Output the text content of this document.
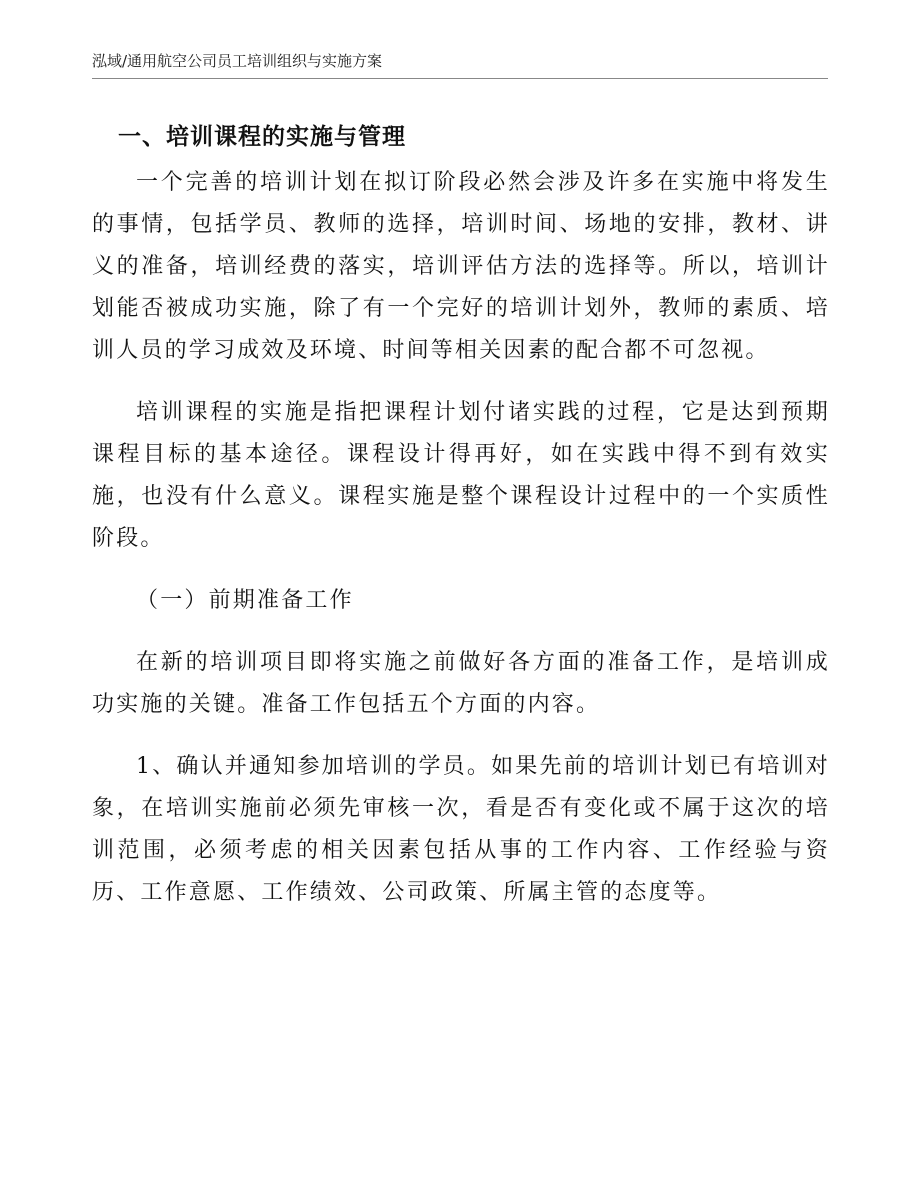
泓域/通用航空公司员工培训组织与实施方案
一、培训课程的实施与管理

一个完善的培训计划在拟订阶段必然会涉及许多在实施中将发生的事情，包括学员、教师的选择，培训时间、场地的安排，教材、讲义的准备，培训经费的落实，培训评估方法的选择等。所以，培训计划能否被成功实施，除了有一个完好的培训计划外，教师的素质、培训人员的学习成效及环境、时间等相关因素的配合都不可忽视。

培训课程的实施是指把课程计划付诸实践的过程，它是达到预期课程目标的基本途径。课程设计得再好，如在实践中得不到有效实施，也没有什么意义。课程实施是整个课程设计过程中的一个实质性阶段。

（一）前期准备工作

在新的培训项目即将实施之前做好各方面的准备工作，是培训成功实施的关键。准备工作包括五个方面的内容。

1、确认并通知参加培训的学员。如果先前的培训计划已有培训对象，在培训实施前必须先审核一次，看是否有变化或不属于这次的培训范围，必须考虑的相关因素包括从事的工作内容、工作经验与资历、工作意愿、工作绩效、公司政策、所属主管的态度等。
